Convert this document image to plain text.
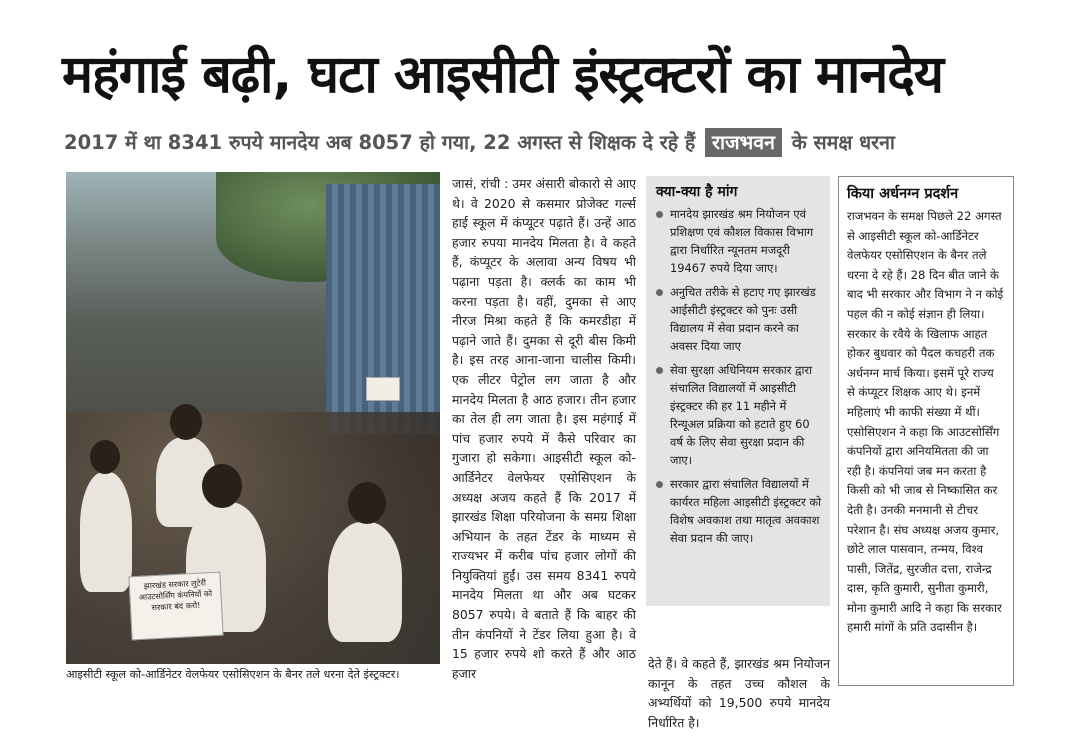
महंगाई बढ़ी, घटा आइसीटी इंस्ट्रक्टरों का मानदेय
2017 में था 8341 रुपये मानदेय अब 8057 हो गया, 22 अगस्त से शिक्षक दे रहे हैं राजभवन के समक्ष धरना
झारखंड सरकार लुटेरी आउटसोर्सिंग कंपनियों को सरकार बंद करो!
आइसीटी स्कूल को-आर्डिनेटर वेलफेयर एसोसिएशन के बैनर तले धरना देते इंस्ट्रक्टर।
जासं, रांची : उमर अंसारी बोकारो से आए थे। वे 2020 से कसमार प्रोजेक्ट गर्ल्स हाई स्कूल में कंप्यूटर पढ़ाते हैं। उन्हें आठ हजार रुपया मानदेय मिलता है। वे कहते हैं, कंप्यूटर के अलावा अन्य विषय भी पढ़ाना पड़ता है। क्लर्क का काम भी करना पड़ता है। वहीं, दुमका से आए नीरज मिश्रा कहते हैं कि कमरडीहा में पढ़ाने जाते हैं। दुमका से दूरी बीस किमी है। इस तरह आना-जाना चालीस किमी। एक लीटर पेट्रोल लग जाता है और मानदेय मिलता है आठ हजार। तीन हजार का तेल ही लग जाता है। इस महंगाई में पांच हजार रुपये में कैसे परिवार का गुजारा हो सकेगा। आइसीटी स्कूल को-आर्डिनेटर वेलफेयर एसोसिएशन के अध्यक्ष अजय कहते हैं कि 2017 में झारखंड शिक्षा परियोजना के समग्र शिक्षा अभियान के तहत टेंडर के माध्यम से राज्यभर में करीब पांच हजार लोगों की नियुक्तियां हुईं। उस समय 8341 रुपये मानदेय मिलता था और अब घटकर 8057 रुपये। वे बताते हैं कि बाहर की तीन कंपनियों ने टेंडर लिया हुआ है। वे 15 हजार रुपये शो करते हैं और आठ हजार
क्या-क्या है मांग
मानदेय झारखंड श्रम नियोजन एवं प्रशिक्षण एवं कौशल विकास विभाग द्वारा निर्धारित न्यूनतम मजदूरी 19467 रुपये दिया जाए।
अनुचित तरीके से हटाए गए झारखंड आईसीटी इंस्ट्रक्टर को पुनः उसी विद्यालय में सेवा प्रदान करने का अवसर दिया जाए
सेवा सुरक्षा अधिनियम सरकार द्वारा संचालित विद्यालयों में आइसीटी इंस्ट्रक्टर की हर 11 महीने में रिन्यूअल प्रक्रिया को हटाते हुए 60 वर्ष के लिए सेवा सुरक्षा प्रदान की जाए।
सरकार द्वारा संचालित विद्यालयों में कार्यरत महिला आइसीटी इंस्ट्रक्टर को विशेष अवकाश तथा मातृत्व अवकाश सेवा प्रदान की जाए।
देते हैं। वे कहते हैं, झारखंड श्रम नियोजन कानून के तहत उच्च कौशल के अभ्यर्थियों को 19,500 रुपये मानदेय निर्धारित है।
किया अर्धनग्न प्रदर्शन
राजभवन के समक्ष पिछले 22 अगस्त से आइसीटी स्कूल को-आर्डिनेटर वेलफेयर एसोसिएशन के बैनर तले धरना दे रहे हैं। 28 दिन बीत जाने के बाद भी सरकार और विभाग ने न कोई पहल की न कोई संज्ञान ही लिया। सरकार के रवैये के खिलाफ आहत होकर बुधवार को पैदल कचहरी तक अर्धनग्न मार्च किया। इसमें पूरे राज्य से कंप्यूटर शिक्षक आए थे। इनमें महिलाएं भी काफी संख्या में थीं। एसोसिएशन ने कहा कि आउटसोर्सिंग कंपनियों द्वारा अनियमितता की जा रही है। कंपनियां जब मन करता है किसी को भी जाब से निष्कासित कर देती है। उनकी मनमानी से टीचर परेशान है। संघ अध्यक्ष अजय कुमार, छोटे लाल पासवान, तन्मय, विश्व पासी, जितेंद्र, सुरजीत दत्ता, राजेन्द्र दास, कृति कुमारी, सुनीता कुमारी, मोना कुमारी आदि ने कहा कि सरकार हमारी मांगों के प्रति उदासीन है।
